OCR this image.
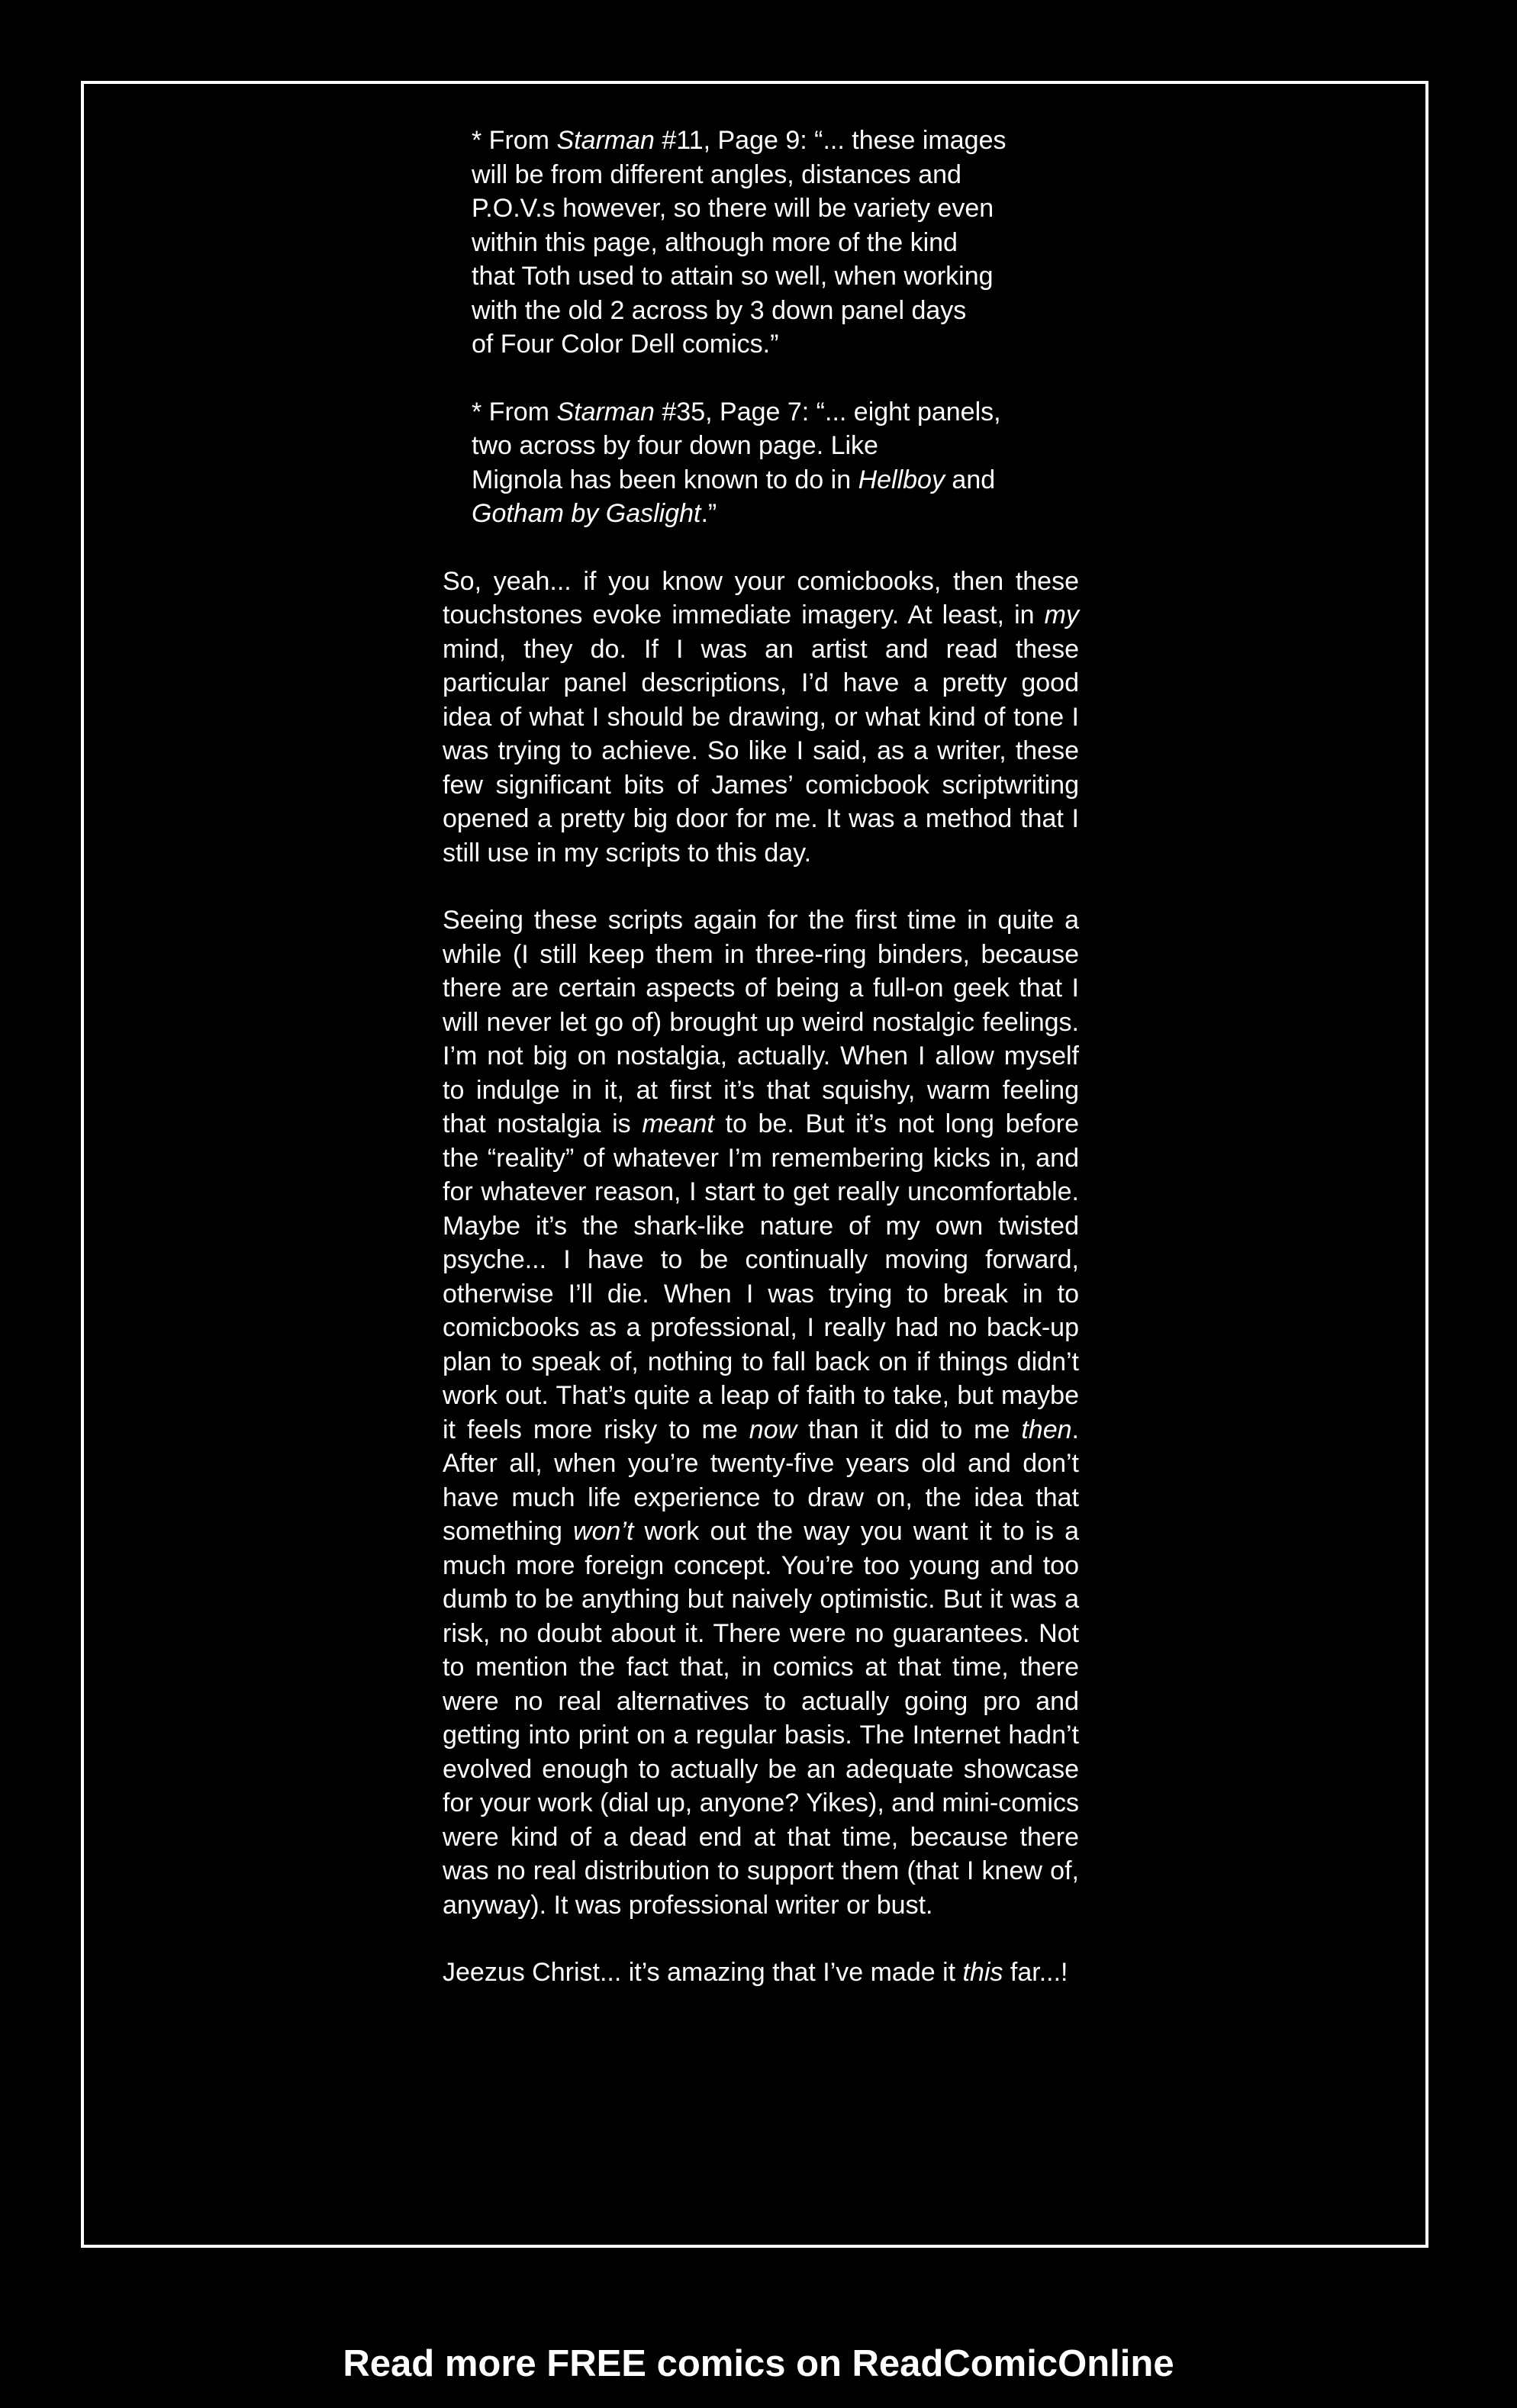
* From Starman #11, Page 9: “... these images
will be from different angles, distances and
P.O.V.s however, so there will be variety even
within this page, although more of the kind
that Toth used to attain so well, when working
with the old 2 across by 3 down panel days
of Four Color Dell comics.”
* From Starman #35, Page 7: “... eight panels,
two across by four down page. Like
Mignola has been known to do in Hellboy and
Gotham by Gaslight.”

So, yeah... if you know your comicbooks, then these touchstones evoke immediate imagery. At least, in my mind, they do. If I was an artist and read these particular panel descriptions, I’d have a pretty good idea of what I should be drawing, or what kind of tone I was trying to achieve. So like I said, as a writer, these few significant bits of James’ comicbook scriptwriting opened a pretty big door for me. It was a method that I still use in my scripts to this day.

Seeing these scripts again for the first time in quite a while (I still keep them in three-ring binders, because there are certain aspects of being a full-on geek that I will never let go of) brought up weird nostalgic feelings. I’m not big on nostalgia, actually. When I allow myself to indulge in it, at first it’s that squishy, warm feeling that nostalgia is meant to be. But it’s not long before the “reality” of whatever I’m remembering kicks in, and for whatever reason, I start to get really uncomfortable. Maybe it’s the shark-like nature of my own twisted psyche... I have to be continually moving forward, otherwise I’ll die. When I was trying to break in to comicbooks as a professional, I really had no back-up plan to speak of, nothing to fall back on if things didn’t work out. That’s quite a leap of faith to take, but maybe it feels more risky to me now than it did to me then. After all, when you’re twenty-five years old and don’t have much life experience to draw on, the idea that something won’t work out the way you want it to is a much more foreign concept. You’re too young and too dumb to be anything but naively optimistic. But it was a risk, no doubt about it. There were no guarantees. Not to mention the fact that, in comics at that time, there were no real alternatives to actually going pro and getting into print on a regular basis. The Internet hadn’t evolved enough to actually be an adequate showcase for your work (dial up, anyone? Yikes), and mini-comics were kind of a dead end at that time, because there was no real distribution to support them (that I knew of, anyway). It was professional writer or bust.

Jeezus Christ... it’s amazing that I’ve made it this far...!

Read more FREE comics on ReadComicOnline
